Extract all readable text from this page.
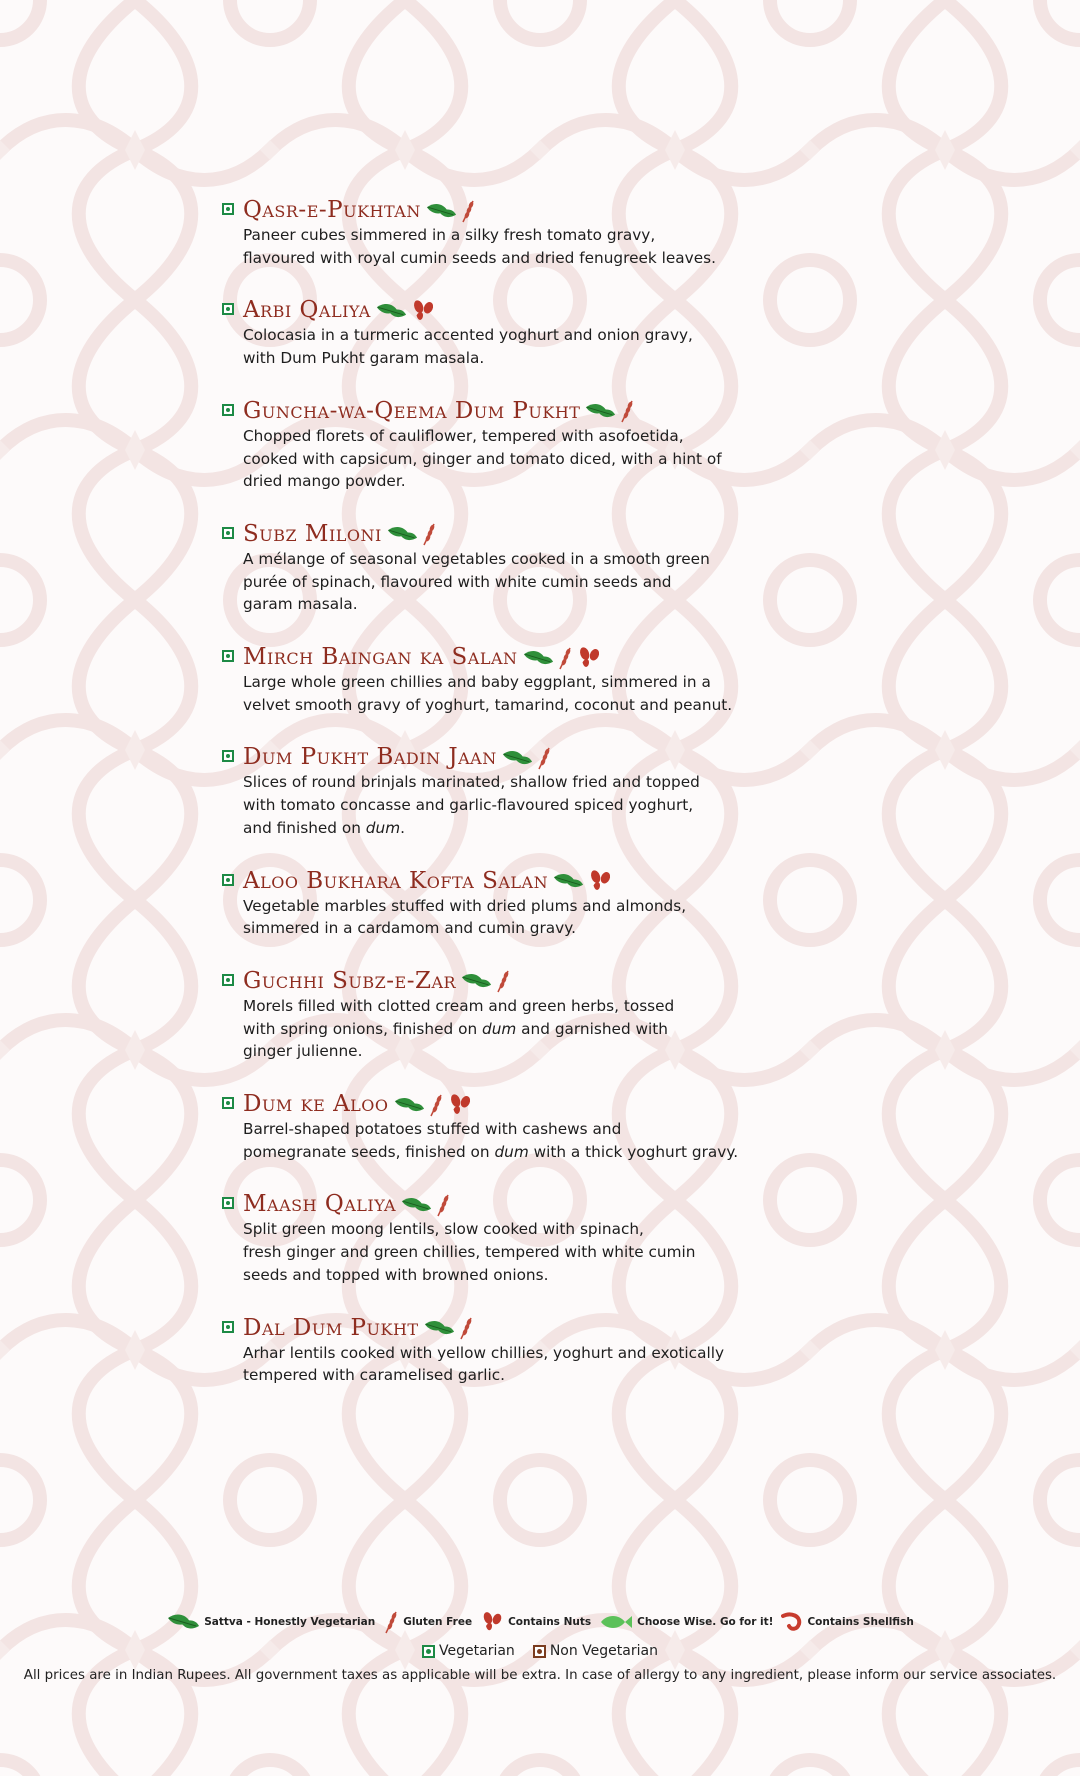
Qasr-e-Pukhtan

Paneer cubes simmered in a silky fresh tomato gravy,
flavoured with royal cumin seeds and dried fenugreek leaves.

Arbi Qaliya

Colocasia in a turmeric accented yoghurt and onion gravy,
with Dum Pukht garam masala.

Guncha-wa-Qeema Dum Pukht

Chopped florets of cauliflower, tempered with asofoetida,
cooked with capsicum, ginger and tomato diced, with a hint of
dried mango powder.

Subz Miloni

A mélange of seasonal vegetables cooked in a smooth green
purée of spinach, flavoured with white cumin seeds and
garam masala.

Mirch Baingan ka Salan

Large whole green chillies and baby eggplant, simmered in a
velvet smooth gravy of yoghurt, tamarind, coconut and peanut.

Dum Pukht Badin Jaan

Slices of round brinjals marinated, shallow fried and topped
with tomato concasse and garlic-flavoured spiced yoghurt,
and finished on dum.

Aloo Bukhara Kofta Salan

Vegetable marbles stuffed with dried plums and almonds,
simmered in a cardamom and cumin gravy.

Guchhi Subz-e-Zar

Morels filled with clotted cream and green herbs, tossed
with spring onions, finished on dum and garnished with
ginger julienne.

Dum ke Aloo

Barrel-shaped potatoes stuffed with cashews and
pomegranate seeds, finished on dum with a thick yoghurt gravy.

Maash Qaliya

Split green moong lentils, slow cooked with spinach,
fresh ginger and green chillies, tempered with white cumin
seeds and topped with browned onions.

Dal Dum Pukht

Arhar lentils cooked with yellow chillies, yoghurt and exotically
tempered with caramelised garlic.

Sattva - Honestly Vegetarian	Gluten Free	Contains Nuts	Choose Wise. Go for it!	Contains Shellfish
Vegetarian	Non Vegetarian
All prices are in Indian Rupees. All government taxes as applicable will be extra. In case of allergy to any ingredient, please inform our service associates.
